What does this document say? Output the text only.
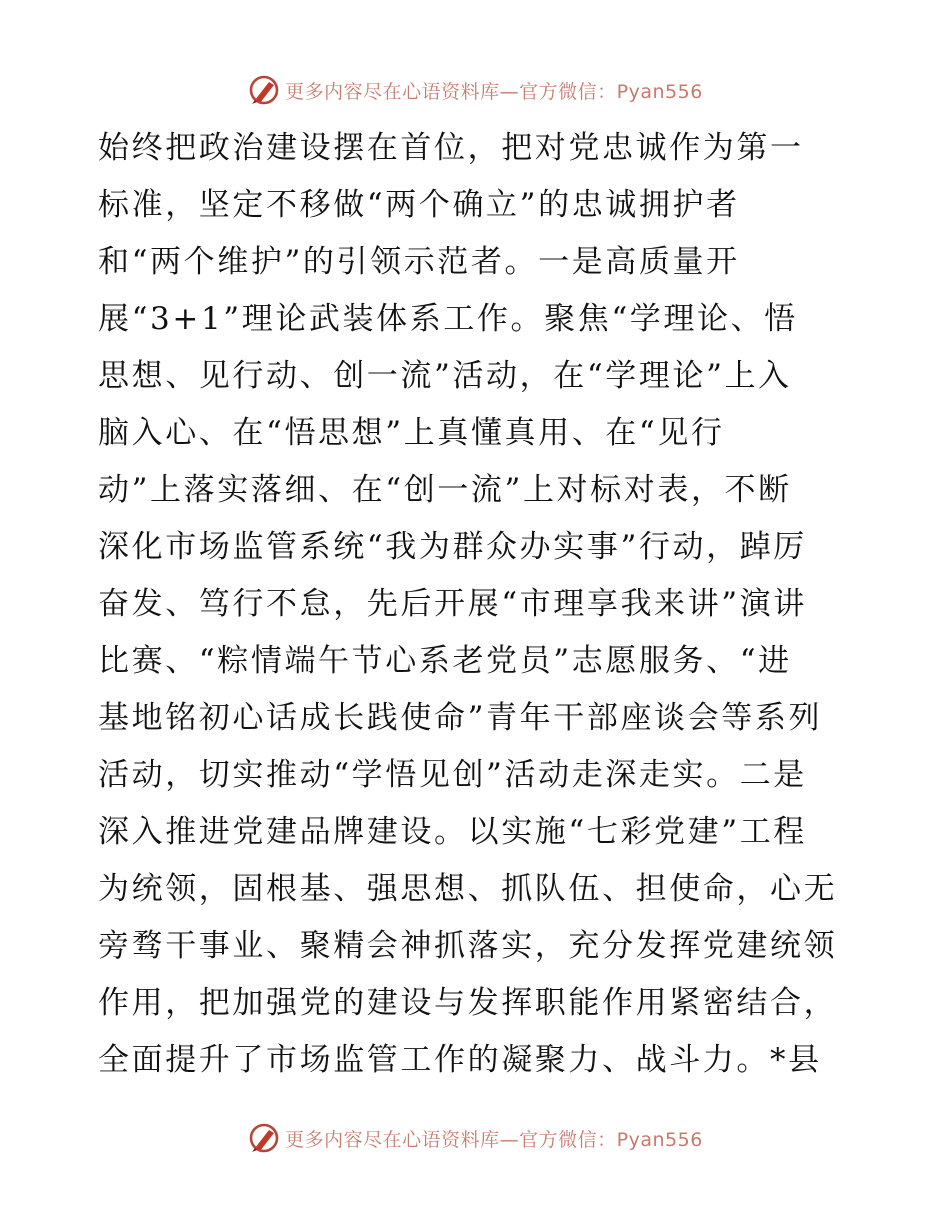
更多内容尽在心语资料库—官方微信：Pyan556
始终把政治建设摆在首位，把对党忠诚作为第一
标准，坚定不移做“两个确立”的忠诚拥护者
和“两个维护”的引领示范者。一是高质量开
展“3+1”理论武装体系工作。聚焦“学理论、悟
思想、见行动、创一流”活动，在“学理论”上入
脑入心、在“悟思想”上真懂真用、在“见行
动”上落实落细、在“创一流”上对标对表，不断
深化市场监管系统“我为群众办实事”行动，踔厉
奋发、笃行不怠，先后开展“市理享我来讲”演讲
比赛、“粽情端午节心系老党员”志愿服务、“进
基地铭初心话成长践使命”青年干部座谈会等系列
活动，切实推动“学悟见创”活动走深走实。二是
深入推进党建品牌建设。以实施“七彩党建”工程
为统领，固根基、强思想、抓队伍、担使命，心无
旁骛干事业、聚精会神抓落实，充分发挥党建统领
作用，把加强党的建设与发挥职能作用紧密结合，
全面提升了市场监管工作的凝聚力、战斗力。*县
更多内容尽在心语资料库—官方微信：Pyan556
